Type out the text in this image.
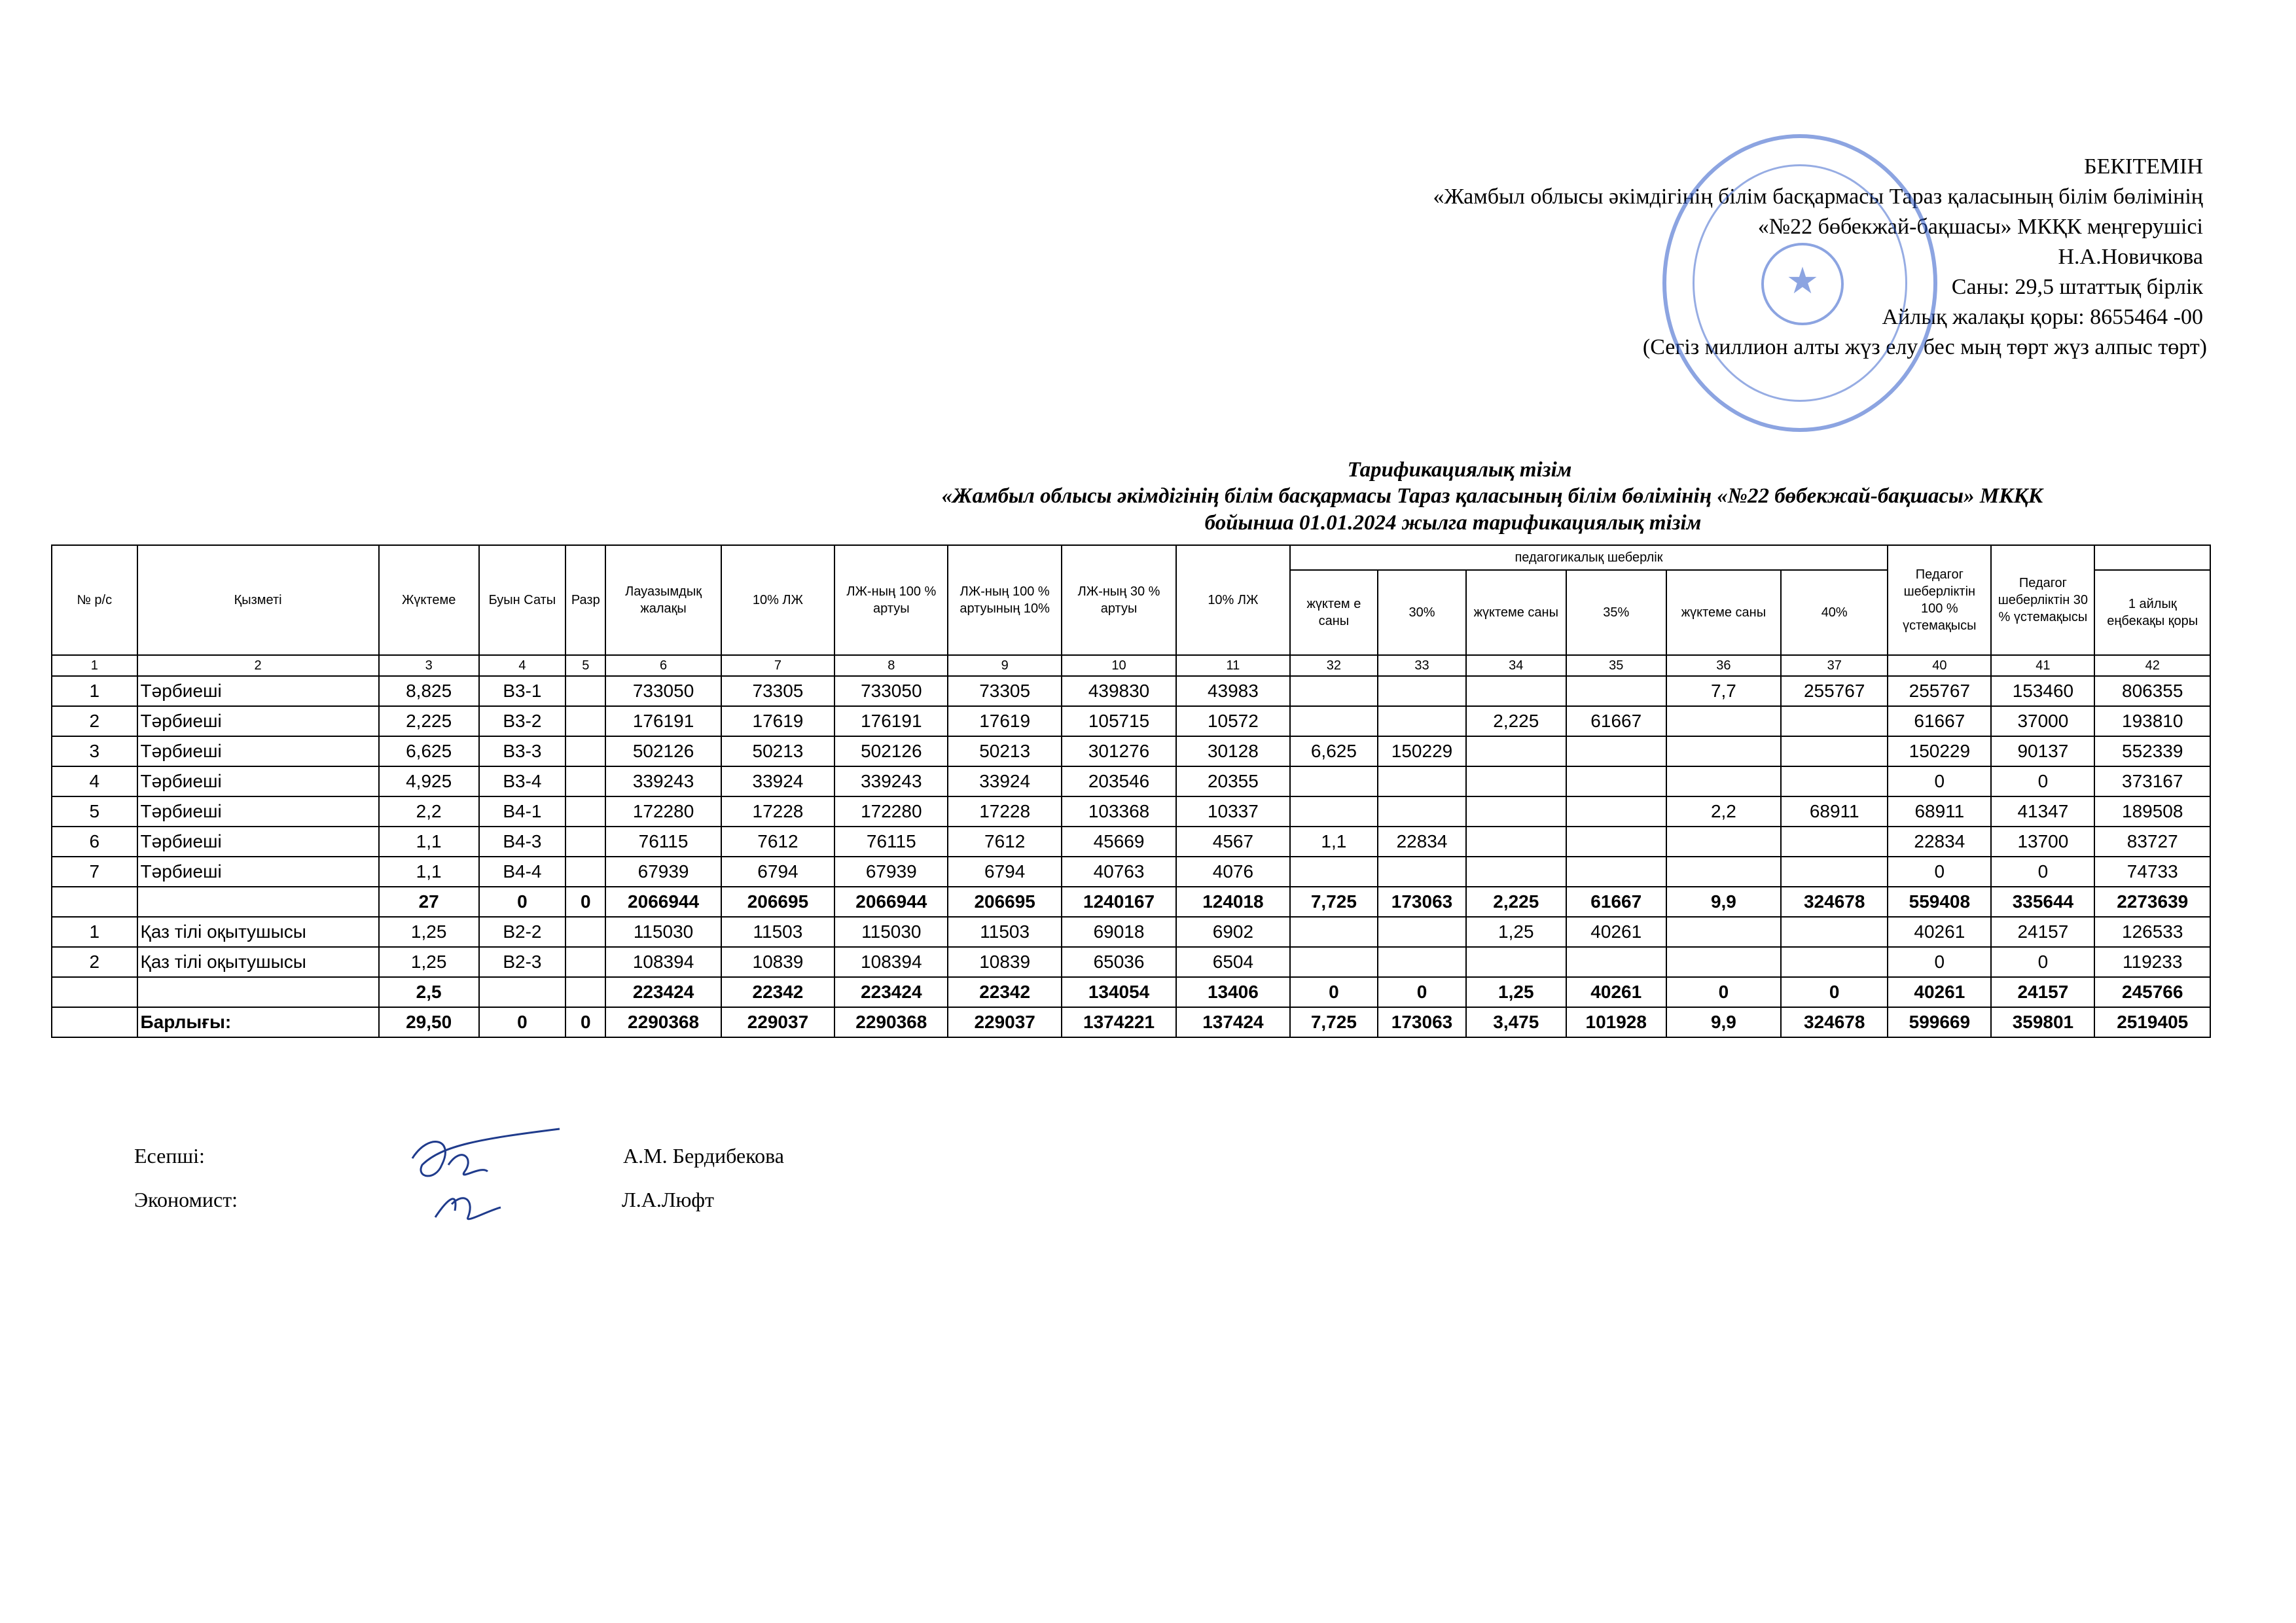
БЕКІТЕМІН
«Жамбыл облысы әкімдігінің білім басқармасы Тараз қаласының білім бөлімінің
«№22 бөбекжай-бақшасы» МКҚК меңгерушісі
Н.А.Новичкова
Саны: 29,5 штаттық бірлік
Айлық жалақы қоры: 8655464 -00
(Сегіз миллион алты жүз елу бес мың төрт жүз алпыс төрт)
★
Тарификациялық тізім
«Жамбыл облысы әкімдігінің білім басқармасы Тараз қаласының білім бөлімінің «№22 бөбекжай-бақшасы» МКҚК
бойынша 01.01.2024 жылга тарификациялық тізім
№ р/с	Қызметі	Жүктеме	Буын Саты	Разр	Лауазымдық жалақы	10% ЛЖ	ЛЖ-ның 100 % артуы	ЛЖ-ның 100 % артуының 10%	ЛЖ-ның 30 % артуы	10% ЛЖ	педагогикалық шеберлік						Педагог шеберліктін 100 % үстемақысы	Педагог шеберліктін 30 % үстемақысы	
											жүктем е саны	30%	жүктеме саны	35%	жүктеме саны	40%			1 айлық еңбекақы қоры
1	2	3	4	5	6	7	8	9	10	11	32	33	34	35	36	37	40	41	42
1	Тәрбиеші	8,825	В3-1		733050	73305	733050	73305	439830	43983					7,7	255767	255767	153460	806355
2	Тәрбиеші	2,225	В3-2		176191	17619	176191	17619	105715	10572			2,225	61667			61667	37000	193810
3	Тәрбиеші	6,625	В3-3		502126	50213	502126	50213	301276	30128	6,625	150229					150229	90137	552339
4	Тәрбиеші	4,925	В3-4		339243	33924	339243	33924	203546	20355							0	0	373167
5	Тәрбиеші	2,2	В4-1		172280	17228	172280	17228	103368	10337					2,2	68911	68911	41347	189508
6	Тәрбиеші	1,1	В4-3		76115	7612	76115	7612	45669	4567	1,1	22834					22834	13700	83727
7	Тәрбиеші	1,1	В4-4		67939	6794	67939	6794	40763	4076							0	0	74733
		27	0	0	2066944	206695	2066944	206695	1240167	124018	7,725	173063	2,225	61667	9,9	324678	559408	335644	2273639
1	Қаз тілі оқытушысы	1,25	В2-2		115030	11503	115030	11503	69018	6902			1,25	40261			40261	24157	126533
2	Қаз тілі оқытушысы	1,25	В2-3		108394	10839	108394	10839	65036	6504							0	0	119233
		2,5			223424	22342	223424	22342	134054	13406	0	0	1,25	40261	0	0	40261	24157	245766
	Барлығы:	29,50	0	0	2290368	229037	2290368	229037	1374221	137424	7,725	173063	3,475	101928	9,9	324678	599669	359801	2519405
Есепші:	А.М. Бердибекова
Экономист:	Л.А.Люфт
